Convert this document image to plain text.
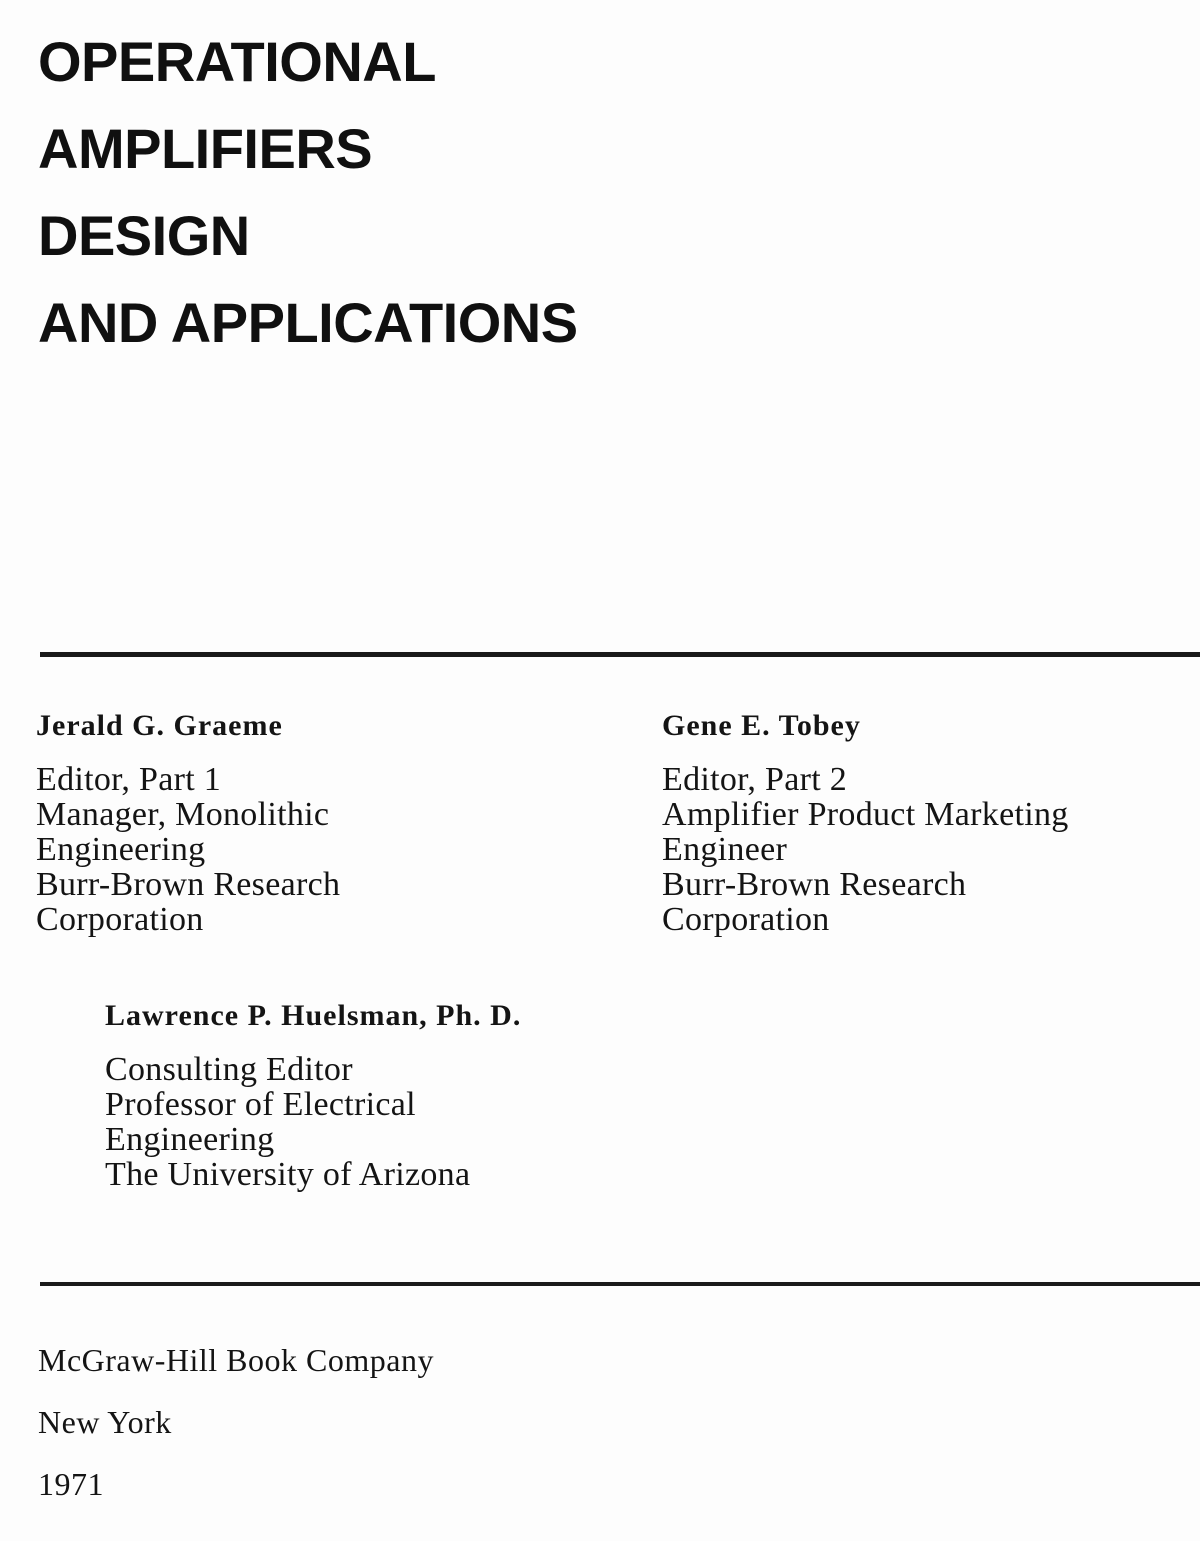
OPERATIONAL
AMPLIFIERS
DESIGN
AND APPLICATIONS
Jerald G. Graeme
Editor, Part 1
Manager, Monolithic
Engineering
Burr-Brown Research
Corporation
Gene E. Tobey
Editor, Part 2
Amplifier Product Marketing
Engineer
Burr-Brown Research
Corporation
Lawrence P. Huelsman, Ph. D.
Consulting Editor
Professor of Electrical
Engineering
The University of Arizona
McGraw-Hill Book Company
New York
1971
